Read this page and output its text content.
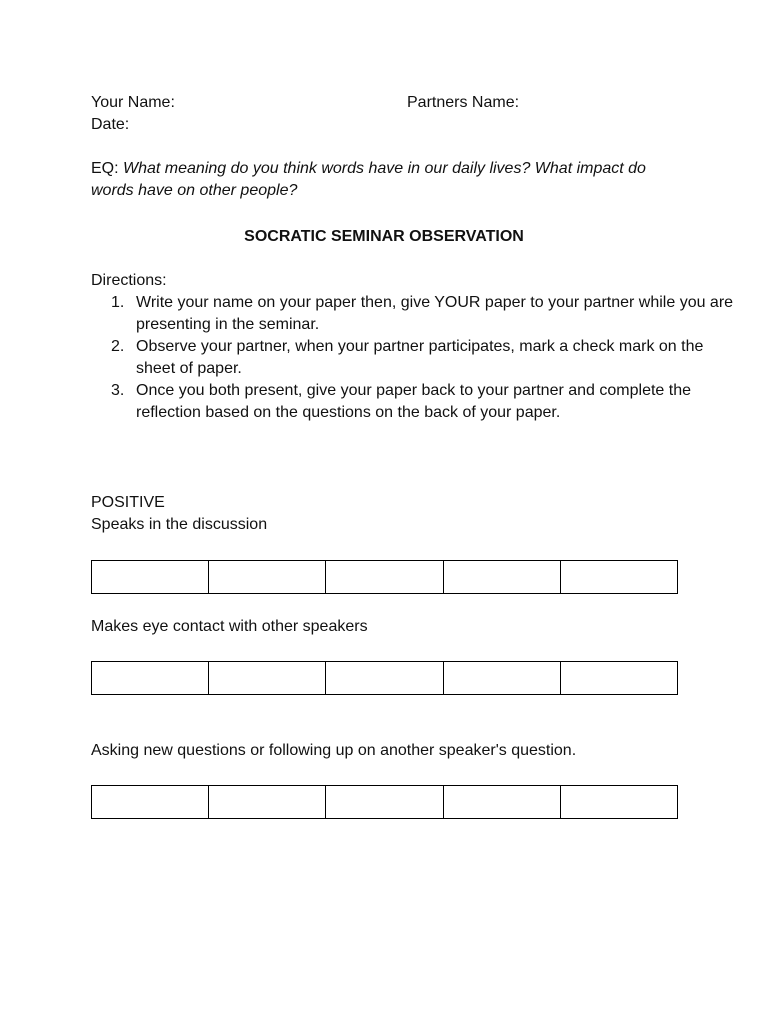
Your Name:	Partners Name:
Date:
EQ: What meaning do you think words have in our daily lives? What impact do words have on other people?
SOCRATIC SEMINAR OBSERVATION
Directions:
1. Write your name on your paper then, give YOUR paper to your partner while you are presenting in the seminar.
2. Observe your partner, when your partner participates, mark a check mark on the sheet of paper.
3. Once you both present, give your paper back to your partner and complete the reflection based on the questions on the back of your paper.
POSITIVE
Speaks in the discussion
Makes eye contact with other speakers
Asking new questions or following up on another speaker's question.
